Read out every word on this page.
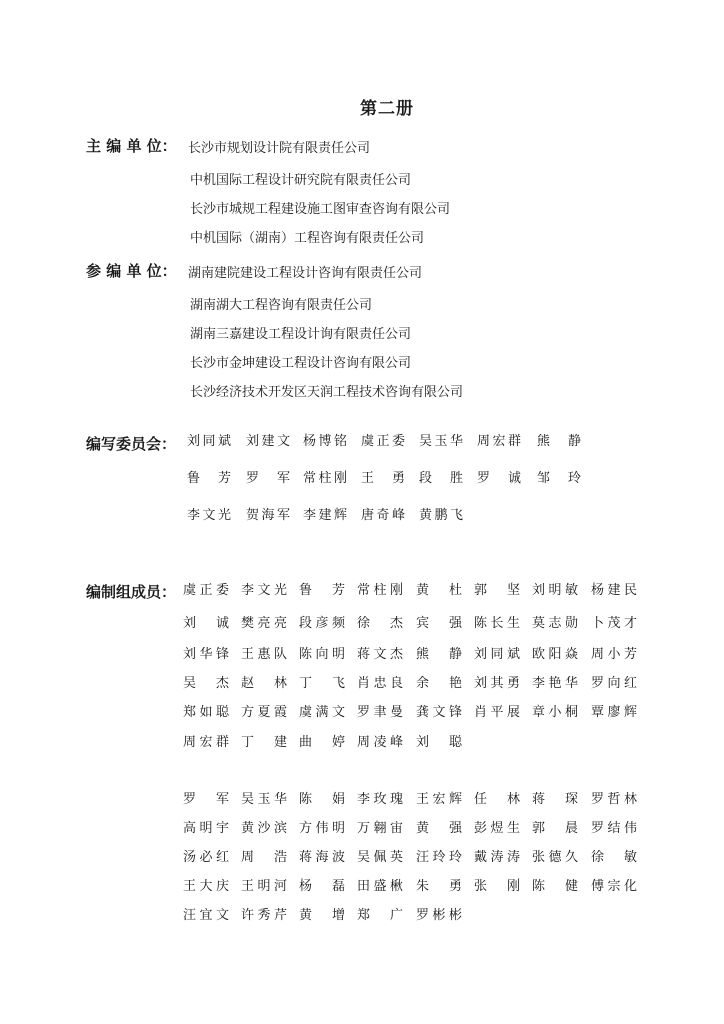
第二册
主 编 单 位： 长沙市规划设计院有限责任公司
中机国际工程设计研究院有限责任公司
长沙市城规工程建设施工图审查咨询有限公司
中机国际（湖南）工程咨询有限责任公司
参 编 单 位： 湖南建院建设工程设计咨询有限责任公司
湖南湖大工程咨询有限责任公司
湖南三嘉建设工程设计询有限责任公司
长沙市金坤建设工程设计咨询有限公司
长沙经济技术开发区天润工程技术咨询有限公司
编写委员会： 刘同斌 刘建文 杨博铭 虞正委 吴玉华 周宏群 熊　静
鲁　芳 罗　军 常柱刚 王　勇 段　胜 罗　诚 邹　玲
李文光 贺海军 李建辉 唐奇峰 黄鹏飞
编制组成员： 虞正委 李文光 鲁　芳 常柱刚 黄　杜 郭　坚 刘明敏 杨建民
刘　诚 樊亮亮 段彦频 徐　杰 宾　强 陈长生 莫志勋 卜茂才
刘华锋 王惠队 陈向明 蒋文杰 熊　静 刘同斌 欧阳焱 周小芳
吴　杰 赵　林 丁　飞 肖忠良 余　艳 刘其勇 李艳华 罗向红
郑如聪 方夏霞 虞满文 罗聿曼 龚文锋 肖平展 章小桐 覃廖辉
周宏群 丁　建 曲　婷 周凌峰 刘　聪
罗　军 吴玉华 陈　娟 李玫瑰 王宏辉 任　林 蒋　琛 罗哲林
高明宇 黄沙滨 方伟明 万翱宙 黄　强 彭煜生 郭　晨 罗结伟
汤必红 周　浩 蒋海波 吴佩英 汪玲玲 戴涛涛 张德久 徐　敏
王大庆 王明河 杨　磊 田盛楸 朱　勇 张　刚 陈　健 傅宗化
汪宜文 许秀芹 黄　增 郑　广 罗彬彬
